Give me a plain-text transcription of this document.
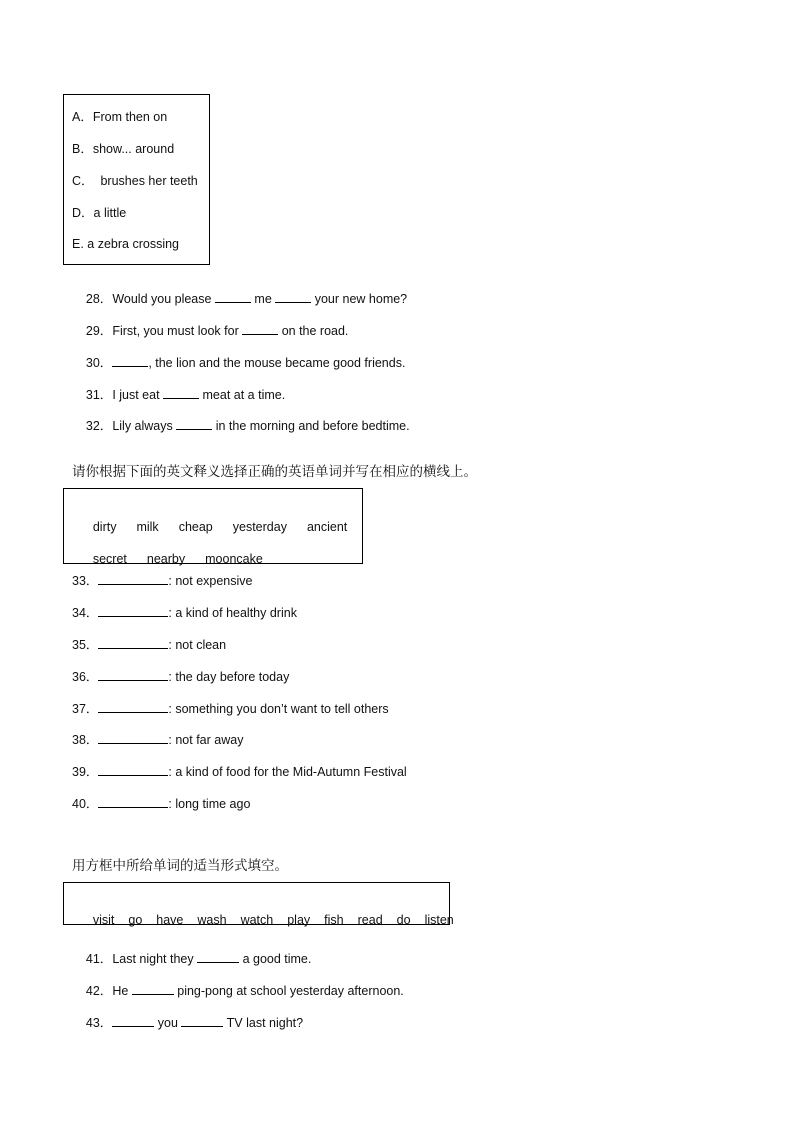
A．From then on
B．show... around
C．  brushes her teeth
D．a little
E. a zebra crossing

28．Would you please	me	your new home?

29．First, you must look for	on the road.

30．	, the lion and the mouse became good friends.

31．I just eat	meat at a time.

32．Lily always	in the morning and before bedtime.

请你根据下面的英文释义选择正确的英语单词并写在相应的横线上。

dirty milk cheap yesterday ancient

secret nearby mooncake

33．	: not expensive
34．	: a kind of healthy drink
35．	: not clean
36．	: the day before today
37．	: something you don’t want to tell others
38．	: not far away
39．	: a kind of food for the Mid-Autumn Festival
40．	: long time ago
用方框中所给单词的适当形式填空。

visit go have wash watch play fish read do listen

41．Last night they	a good time.

42．He	ping-pong at school yesterday afternoon.

43．	you	TV last night?
